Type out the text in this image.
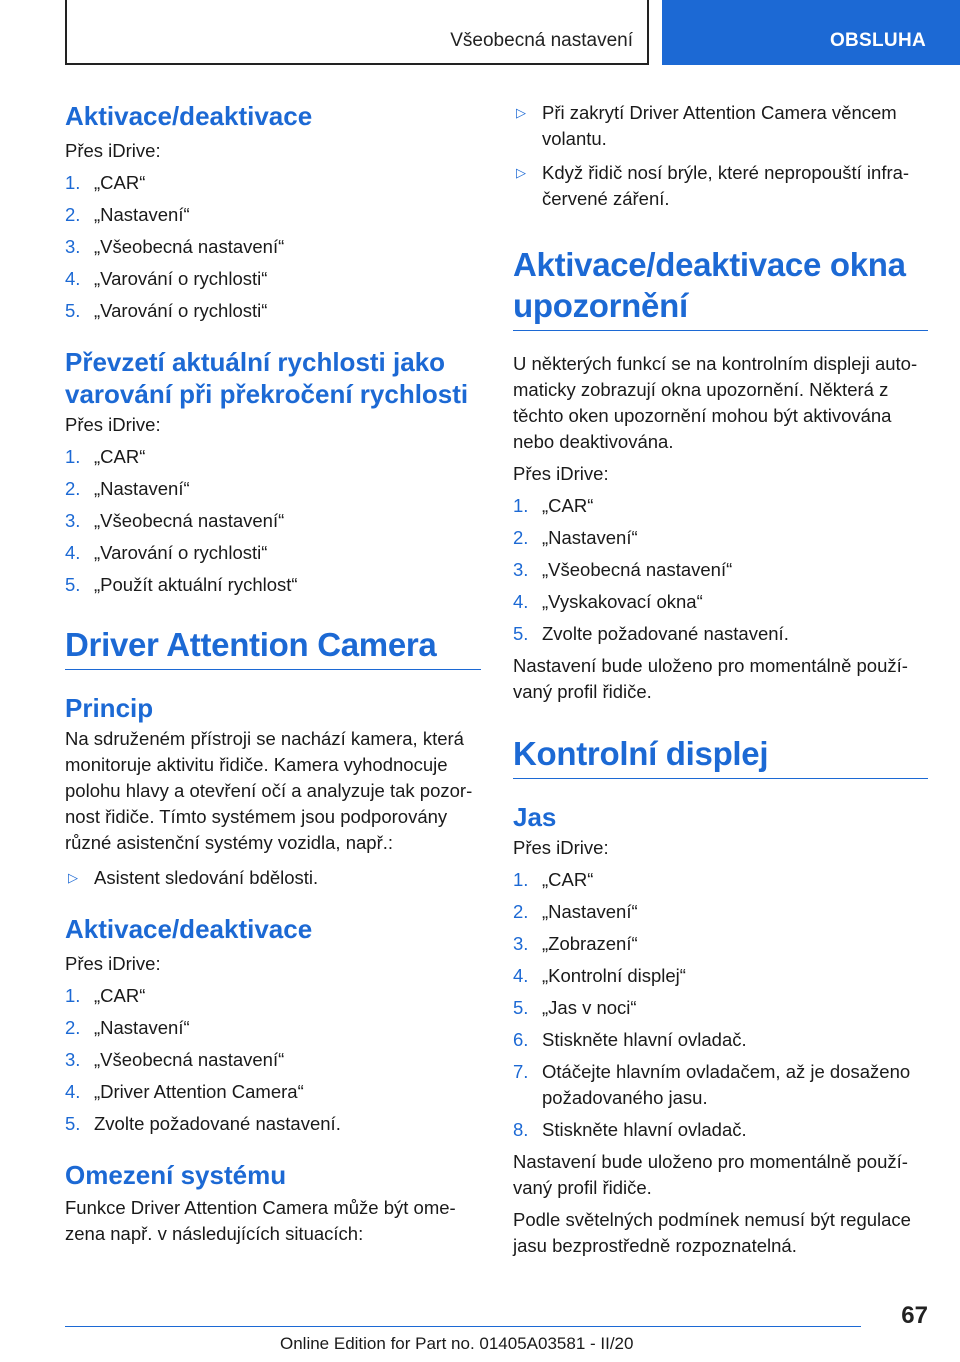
Všeobecná nastavení	OBSLUHA
Aktivace/deaktivace

Přes iDrive:

1. „CAR“
2. „Nastavení“
3. „Všeobecná nastavení“
4. „Varování o rychlosti“
5. „Varování o rychlosti“
Převzetí aktuální rychlosti jako
varování při překročení rychlosti

Přes iDrive:

1. „CAR“
2. „Nastavení“
3. „Všeobecná nastavení“
4. „Varování o rychlosti“
5. „Použít aktuální rychlost“
Driver Attention Camera
Princip

Na sdruženém přístroji se nachází kamera, která

monitoruje aktivitu řidiče. Kamera vyhodnocuje

polohu hlavy a otevření očí a analyzuje tak pozor-

nost řidiče. Tímto systémem jsou podporovány

různé asistenční systémy vozidla, např.:

▷ Asistent sledování bdělosti.
Aktivace/deaktivace

Přes iDrive:

1. „CAR“
2. „Nastavení“
3. „Všeobecná nastavení“
4. „Driver Attention Camera“
5. Zvolte požadované nastavení.
Omezení systému

Funkce Driver Attention Camera může být ome-

zena např. v následujících situacích:

▷ Při zakrytí Driver Attention Camera věncem

volantu.

▷ Když řidič nosí brýle, které nepropouští infra-

červené záření.

Aktivace/deaktivace okna
upozornění

U některých funkcí se na kontrolním displeji auto-

maticky zobrazují okna upozornění. Některá z

těchto oken upozornění mohou být aktivována

nebo deaktivována.

Přes iDrive:

1. „CAR“
2. „Nastavení“
3. „Všeobecná nastavení“
4. „Vyskakovací okna“
5. Zvolte požadované nastavení.

Nastavení bude uloženo pro momentálně použí-

vaný profil řidiče.

Kontrolní displej
Jas

Přes iDrive:

1. „CAR“
2. „Nastavení“
3. „Zobrazení“
4. „Kontrolní displej“
5. „Jas v noci“
6. Stiskněte hlavní ovladač.
7. Otáčejte hlavním ovladačem, až je dosaženo

požadovaného jasu.

8. Stiskněte hlavní ovladač.

Nastavení bude uloženo pro momentálně použí-

vaný profil řidiče.

Podle světelných podmínek nemusí být regulace

jasu bezprostředně rozpoznatelná.

67
Online Edition for Part no. 01405A03581 - II/20
